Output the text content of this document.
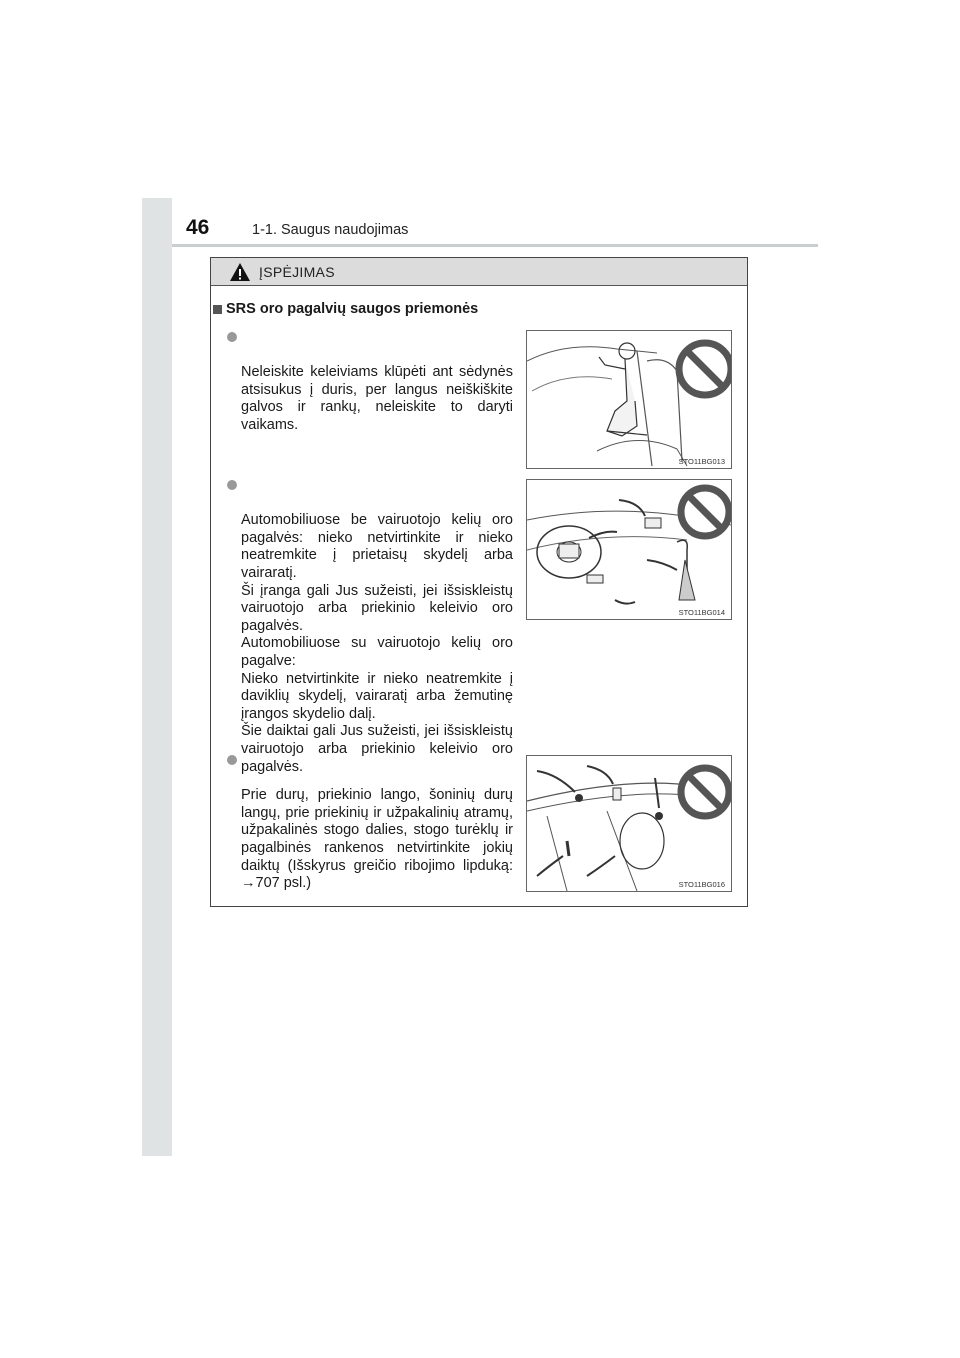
46	1-1. Saugus naudojimas
ĮSPĖJIMAS
SRS oro pagalvių saugos priemonės

Neleiskite keleiviams klūpėti ant sėdynės atsisukus į duris, per langus neiškiškite galvos ir rankų, neleiskite to daryti vaikams.

STO11BG013

Automobiliuose be vairuotojo kelių oro pagalvės: nieko netvirtinkite ir nieko neatremkite į prietaisų skydelį arba vairaratį.
Ši įranga gali Jus sužeisti, jei išsiskleistų vairuotojo arba priekinio keleivio oro pagalvės.
Automobiliuose su vairuotojo kelių oro pagalve:
Nieko netvirtinkite ir nieko neatremkite į daviklių skydelį, vairaratį arba žemutinę įrangos skydelio dalį.
Šie daiktai gali Jus sužeisti, jei išsiskleistų vairuotojo arba priekinio keleivio oro pagalvės.

STO11BG014

Prie durų, priekinio lango, šoninių durų langų, prie priekinių ir užpakalinių atramų, užpakalinės stogo dalies, stogo turėklų ir pagalbinės rankenos netvirtinkite jokių daiktų (Išskyrus greičio ribojimo lipduką: →707 psl.)	STO11BG016
